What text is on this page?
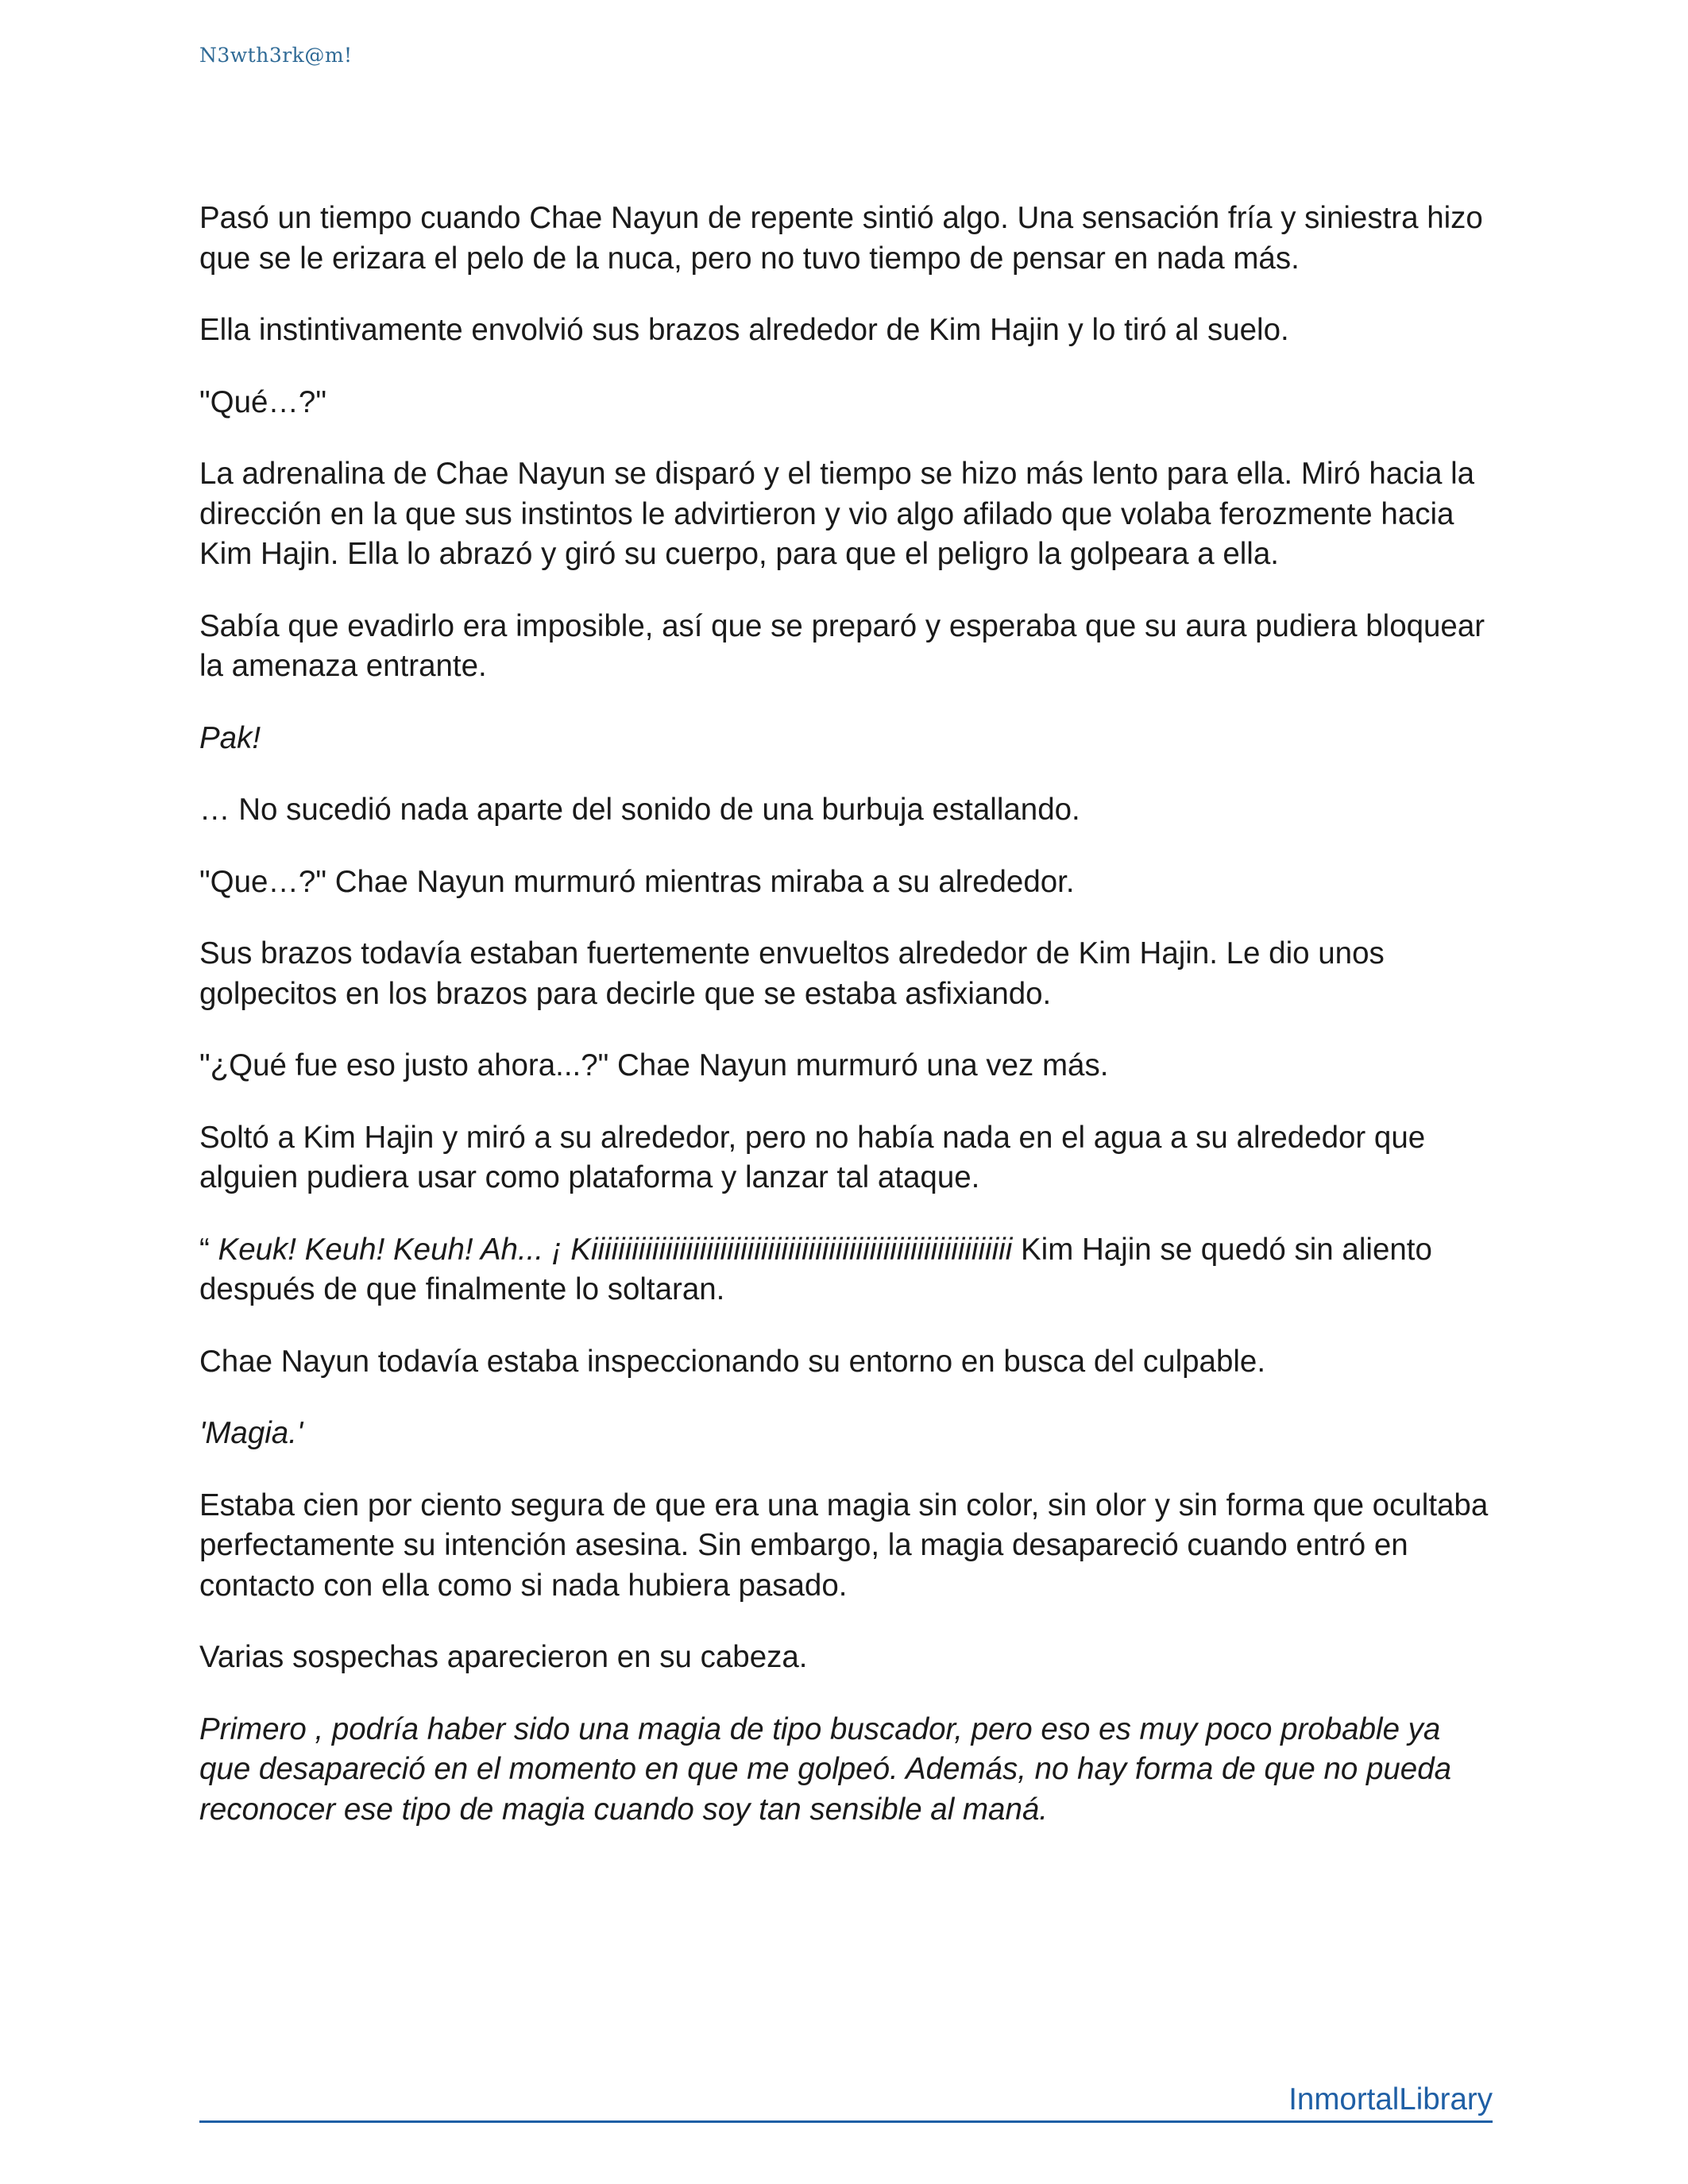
N3wth3rk@m!

Pasó un tiempo cuando Chae Nayun de repente sintió algo. Una sensación fría y siniestra hizo que se le erizara el pelo de la nuca, pero no tuvo tiempo de pensar en nada más.

Ella instintivamente envolvió sus brazos alrededor de Kim Hajin y lo tiró al suelo.

"Qué…?"

La adrenalina de Chae Nayun se disparó y el tiempo se hizo más lento para ella. Miró hacia la dirección en la que sus instintos le advirtieron y vio algo afilado que volaba ferozmente hacia Kim Hajin. Ella lo abrazó y giró su cuerpo, para que el peligro la golpeara a ella.

Sabía que evadirlo era imposible, así que se preparó y esperaba que su aura pudiera bloquear la amenaza entrante.

Pak!

… No sucedió nada aparte del sonido de una burbuja estallando.

"Que…?" Chae Nayun murmuró mientras miraba a su alrededor.

Sus brazos todavía estaban fuertemente envueltos alrededor de Kim Hajin. Le dio unos golpecitos en los brazos para decirle que se estaba asfixiando.

"¿Qué fue eso justo ahora...?" Chae Nayun murmuró una vez más.

Soltó a Kim Hajin y miró a su alrededor, pero no había nada en el agua a su alrededor que alguien pudiera usar como plataforma y lanzar tal ataque.

“ Keuk! Keuh! Keuh! Ah... ¡ Kiiiiiiiiiiiiiiiiiiiiiiiiiiiiiiiiiiiiiiiiiiiiiiiiiiiiiiiiiiiiii Kim Hajin se quedó sin aliento después de que finalmente lo soltaran.

Chae Nayun todavía estaba inspeccionando su entorno en busca del culpable.

'Magia.'

Estaba cien por ciento segura de que era una magia sin color, sin olor y sin forma que ocultaba perfectamente su intención asesina. Sin embargo, la magia desapareció cuando entró en contacto con ella como si nada hubiera pasado.

Varias sospechas aparecieron en su cabeza.

Primero , podría haber sido una magia de tipo buscador, pero eso es muy poco probable ya que desapareció en el momento en que me golpeó. Además, no hay forma de que no pueda reconocer ese tipo de magia cuando soy tan sensible al maná.

InmortalLibrary
